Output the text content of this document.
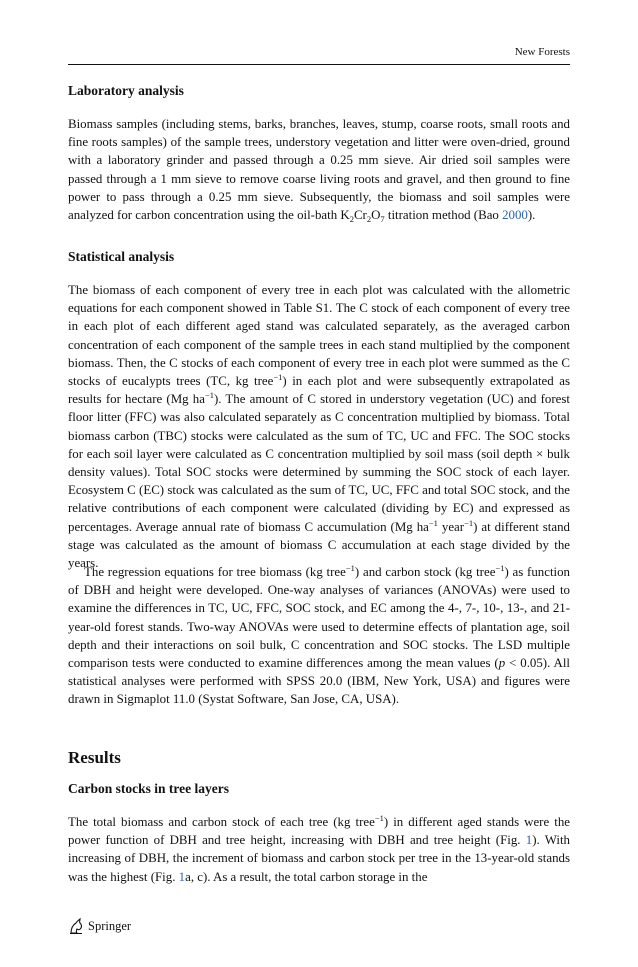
New Forests
Laboratory analysis

Biomass samples (including stems, barks, branches, leaves, stump, coarse roots, small roots and fine roots samples) of the sample trees, understory vegetation and litter were oven-dried, ground with a laboratory grinder and passed through a 0.25 mm sieve. Air dried soil samples were passed through a 1 mm sieve to remove coarse living roots and gravel, and then ground to fine power to pass through a 0.25 mm sieve. Subsequently, the biomass and soil samples were analyzed for carbon concentration using the oil-bath $K_2Cr_2O_7$ titration method (Bao 2000).

Statistical analysis

The biomass of each component of every tree in each plot was calculated with the allometric equations for each component showed in Table S1. The C stock of each component of every tree in each plot of each different aged stand was calculated separately, as the averaged carbon concentration of each component of the sample trees in each stand multiplied by the component biomass. Then, the C stocks of each component of every tree in each plot were summed as the C stocks of eucalypts trees (TC, kg tree$^{-1}$) in each plot and were subsequently extrapolated as results for hectare (Mg $ha^{-1}$). The amount of C stored in understory vegetation (UC) and forest floor litter (FFC) was also calculated separately as C concentration multiplied by biomass. Total biomass carbon (TBC) stocks were calculated as the sum of TC, UC and FFC. The SOC stocks for each soil layer were calculated as C concentration multiplied by soil mass (soil depth × bulk density values). Total SOC stocks were determined by summing the SOC stock of each layer. Ecosystem C (EC) stock was calculated as the sum of TC, UC, FFC and total SOC stock, and the relative contributions of each component were calculated (dividing by EC) and expressed as percentages. Average annual rate of biomass C accumulation (Mg $ha^{-1}$ year$^{-1}$) at different stand stage was calculated as the amount of biomass C accumulation at each stage divided by the years.

The regression equations for tree biomass (kg tree$^{-1}$) and carbon stock (kg tree$^{-1}$) as function of DBH and height were developed. One-way analyses of variances (ANOVAs) were used to examine the differences in TC, UC, FFC, SOC stock, and EC among the 4-, 7-, 10-, 13-, and 21-year-old forest stands. Two-way ANOVAs were used to determine effects of plantation age, soil depth and their interactions on soil bulk, C concentration and SOC stocks. The LSD multiple comparison tests were conducted to examine differences among the mean values (p < 0.05). All statistical analyses were performed with SPSS 20.0 (IBM, New York, USA) and figures were drawn in Sigmaplot 11.0 (Systat Software, San Jose, CA, USA).

Results
Carbon stocks in tree layers

The total biomass and carbon stock of each tree (kg tree$^{-1}$) in different aged stands were the power function of DBH and tree height, increasing with DBH and tree height (Fig. 1). With increasing of DBH, the increment of biomass and carbon stock per tree in the 13-year-old stands was the highest (Fig. 1a, c). As a result, the total carbon storage in the

Springer
